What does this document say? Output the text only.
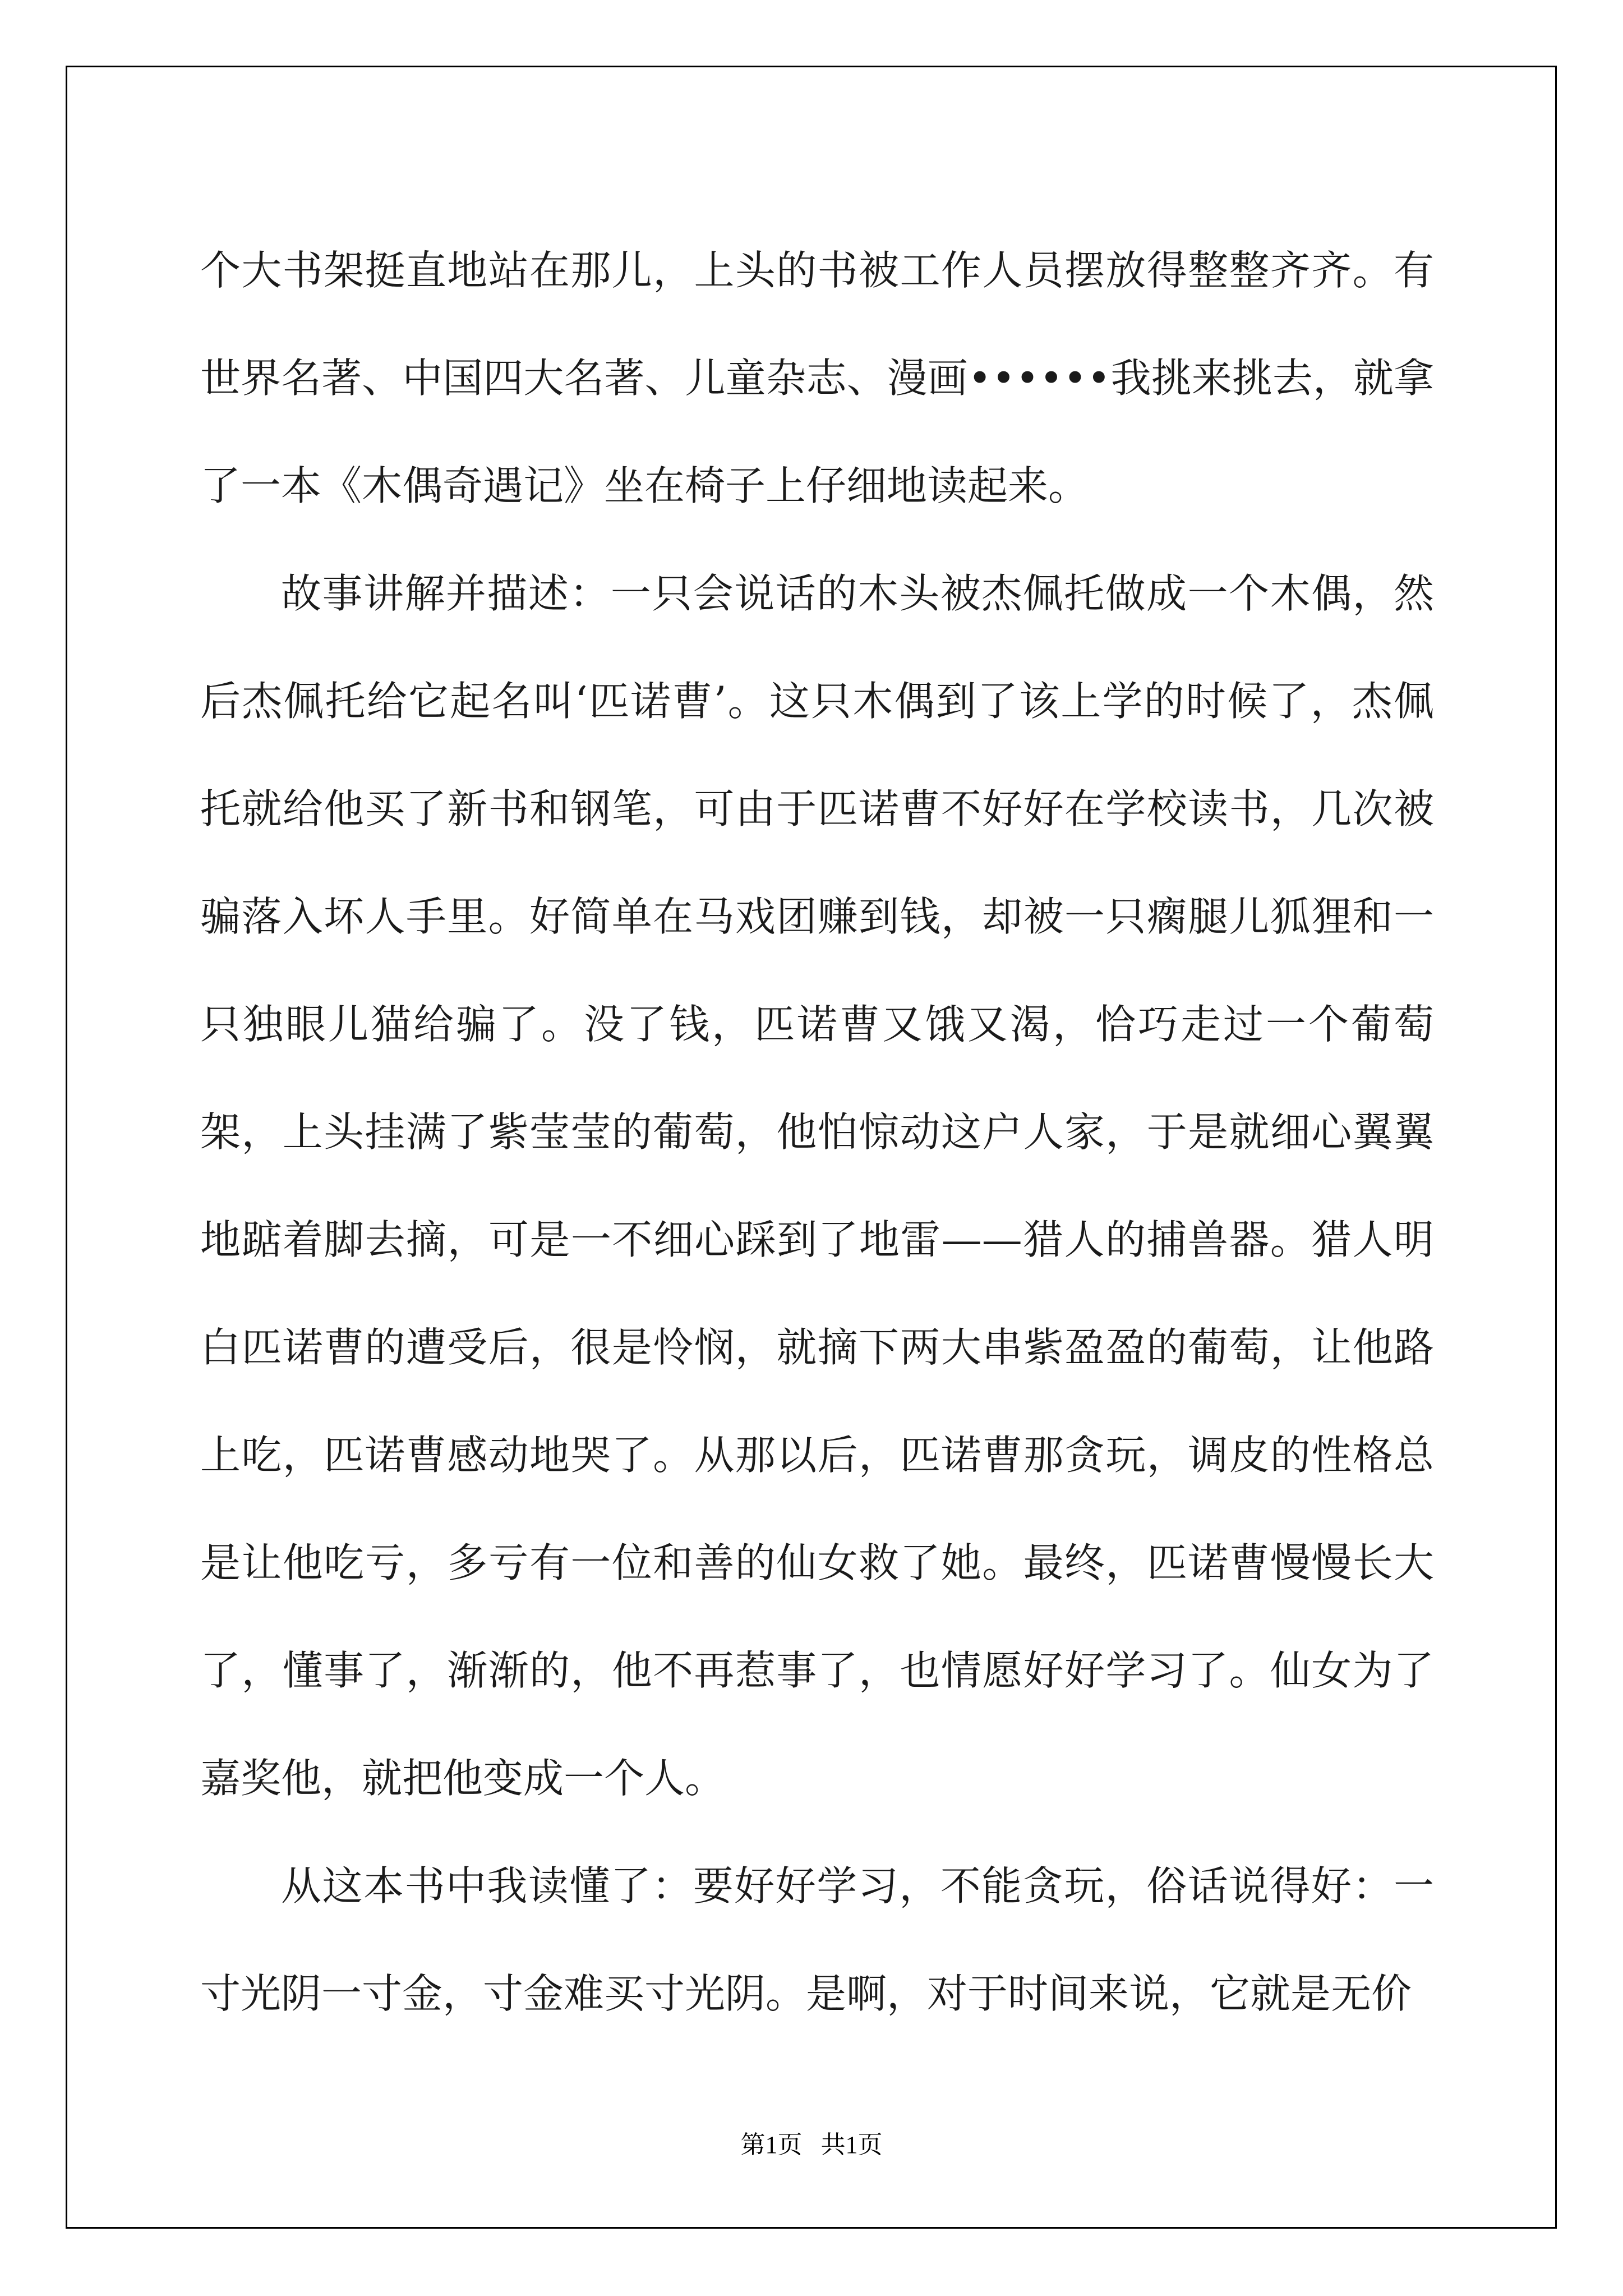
个大书架挺直地站在那儿，上头的书被工作人员摆放得整整齐齐。有世界名著、中国四大名著、儿童杂志、漫画••••••我挑来挑去，就拿了一本《木偶奇遇记》坐在椅子上仔细地读起来。

故事讲解并描述：一只会说话的木头被杰佩托做成一个木偶，然后杰佩托给它起名叫‘匹诺曹’。这只木偶到了该上学的时候了，杰佩托就给他买了新书和钢笔，可由于匹诺曹不好好在学校读书，几次被骗落入坏人手里。好简单在马戏团赚到钱，却被一只瘸腿儿狐狸和一只独眼儿猫给骗了。没了钱，匹诺曹又饿又渴，恰巧走过一个葡萄架，上头挂满了紫莹莹的葡萄，他怕惊动这户人家，于是就细心翼翼地踮着脚去摘，可是一不细心踩到了地雷——猎人的捕兽器。猎人明白匹诺曹的遭受后，很是怜悯，就摘下两大串紫盈盈的葡萄，让他路上吃，匹诺曹感动地哭了。从那以后，匹诺曹那贪玩，调皮的性格总是让他吃亏，多亏有一位和善的仙女救了她。最终，匹诺曹慢慢长大了，懂事了，渐渐的，他不再惹事了，也情愿好好学习了。仙女为了嘉奖他，就把他变成一个人。

从这本书中我读懂了：要好好学习，不能贪玩，俗话说得好：一寸光阴一寸金，寸金难买寸光阴。是啊，对于时间来说，它就是无价

第1页 共1页
